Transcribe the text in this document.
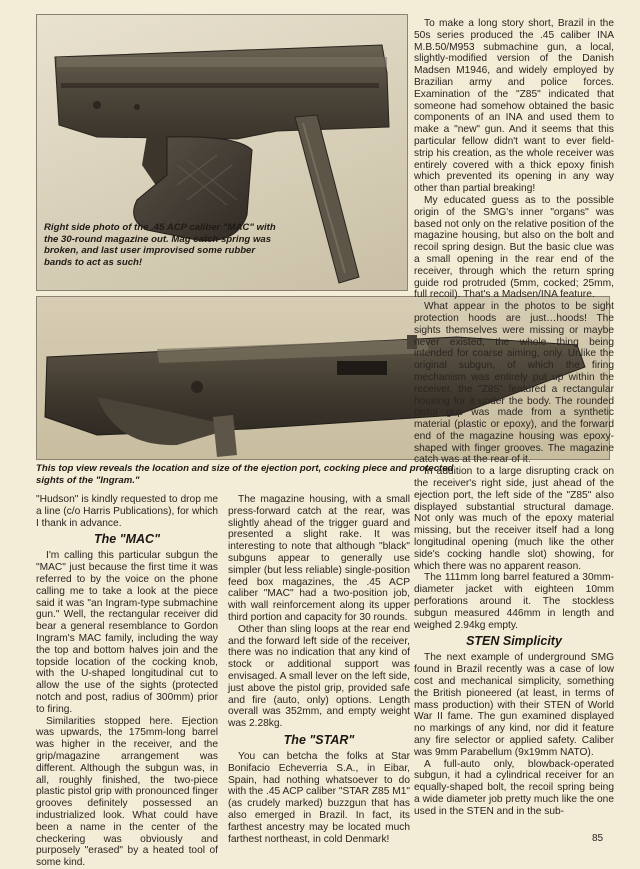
Right side photo of the .45 ACP caliber "MAC" with the 30-round magazine out. Mag catch spring was broken, and last user improvised some rubber bands to act as such!
This top view reveals the location and size of the ejection port, cocking piece and protected sights of the "Ingram."

To make a long story short, Brazil in the 50s series produced the .45 caliber INA M.B.50/M953 submachine gun, a local, slightly-modified version of the Danish Madsen M1946, and widely employed by Brazilian army and police forces. Examination of the "Z85" indicated that someone had somehow obtained the basic components of an INA and used them to make a "new" gun. And it seems that this particular fellow didn't want to ever field-strip his creation, as the whole receiver was entirely covered with a thick epoxy finish which prevented its opening in any way other than partial breaking!

My educated guess as to the possible origin of the SMG's inner "organs" was based not only on the relative position of the magazine housing, but also on the bolt and recoil spring design. But the basic clue was a small opening in the rear end of the receiver, through which the return spring guide rod protruded (5mm, cocked; 25mm, full recoil). That's a Madsen/INA feature.

What appear in the photos to be sight protection hoods are just…hoods! The sights themselves were missing or maybe never existed, the whole thing being intended for coarse aiming, only. Unlike the original subgun, of which the firing mechanism was entirely put up within the receiver, the "Z85" featured a rectangular housing for it under the body. The rounded pistol grip was made from a synthetic material (plastic or epoxy), and the forward end of the magazine housing was epoxy-shaped with finger grooves. The magazine catch was at the rear of it.

In addition to a large disrupting crack on the receiver's right side, just ahead of the ejection port, the left side of the "Z85" also displayed substantial structural damage. Not only was much of the epoxy material missing, but the receiver itself had a long longitudinal opening (much like the other side's cocking handle slot) showing, for which there was no apparent reason.

The 111mm long barrel featured a 30mm-diameter jacket with eighteen 10mm perforations around it. The stockless subgun measured 446mm in length and weighed 2.94kg empty.

STEN Simplicity

The next example of underground SMG found in Brazil recently was a case of low cost and mechanical simplicity, something the British pioneered (at least, in terms of mass production) with their STEN of World War II fame. The gun examined displayed no markings of any kind, nor did it feature any fire selector or applied safety. Caliber was 9mm Parabellum (9x19mm NATO).

A full-auto only, blowback-operated subgun, it had a cylindrical receiver for an equally-shaped bolt, the recoil spring being a wide diameter job pretty much like the one used in the STEN and in the sub-

"Hudson" is kindly requested to drop me a line (c/o Harris Publications), for which I thank in advance.

The "MAC"

I'm calling this particular subgun the "MAC" just because the first time it was referred to by the voice on the phone calling me to take a look at the piece said it was "an Ingram-type submachine gun." Well, the rectangular receiver did bear a general resemblance to Gordon Ingram's MAC family, including the way the top and bottom halves join and the topside location of the cocking knob, with the U-shaped longitudinal cut to allow the use of the sights (protected notch and post, radius of 300mm) prior to firing.

Similarities stopped here. Ejection was upwards, the 175mm-long barrel was higher in the receiver, and the grip/magazine arrangement was different. Although the subgun was, in all, roughly finished, the two-piece plastic pistol grip with pronounced finger grooves definitely possessed an industrialized look. What could have been a name in the center of the checkering was obviously and purposely "erased" by a heated tool of some kind.

The magazine housing, with a small press-forward catch at the rear, was slightly ahead of the trigger guard and presented a slight rake. It was interesting to note that although "black" subguns appear to generally use simpler (but less reliable) single-position feed box magazines, the .45 ACP caliber "MAC" had a two-position job, with wall reinforcement along its upper third portion and capacity for 30 rounds.

Other than sling loops at the rear end and the forward left side of the receiver, there was no indication that any kind of stock or additional support was envisaged. A small lever on the left side, just above the pistol grip, provided safe and fire (auto, only) options. Length overall was 352mm, and empty weight was 2.28kg.

The "STAR"

You can betcha the folks at Star Bonifacio Echeverria S.A., in Eibar, Spain, had nothing whatsoever to do with the .45 ACP caliber "STAR Z85 M1" (as crudely marked) buzzgun that has also emerged in Brazil. In fact, its farthest ancestry may be located much farthest northeast, in cold Denmark!	85
